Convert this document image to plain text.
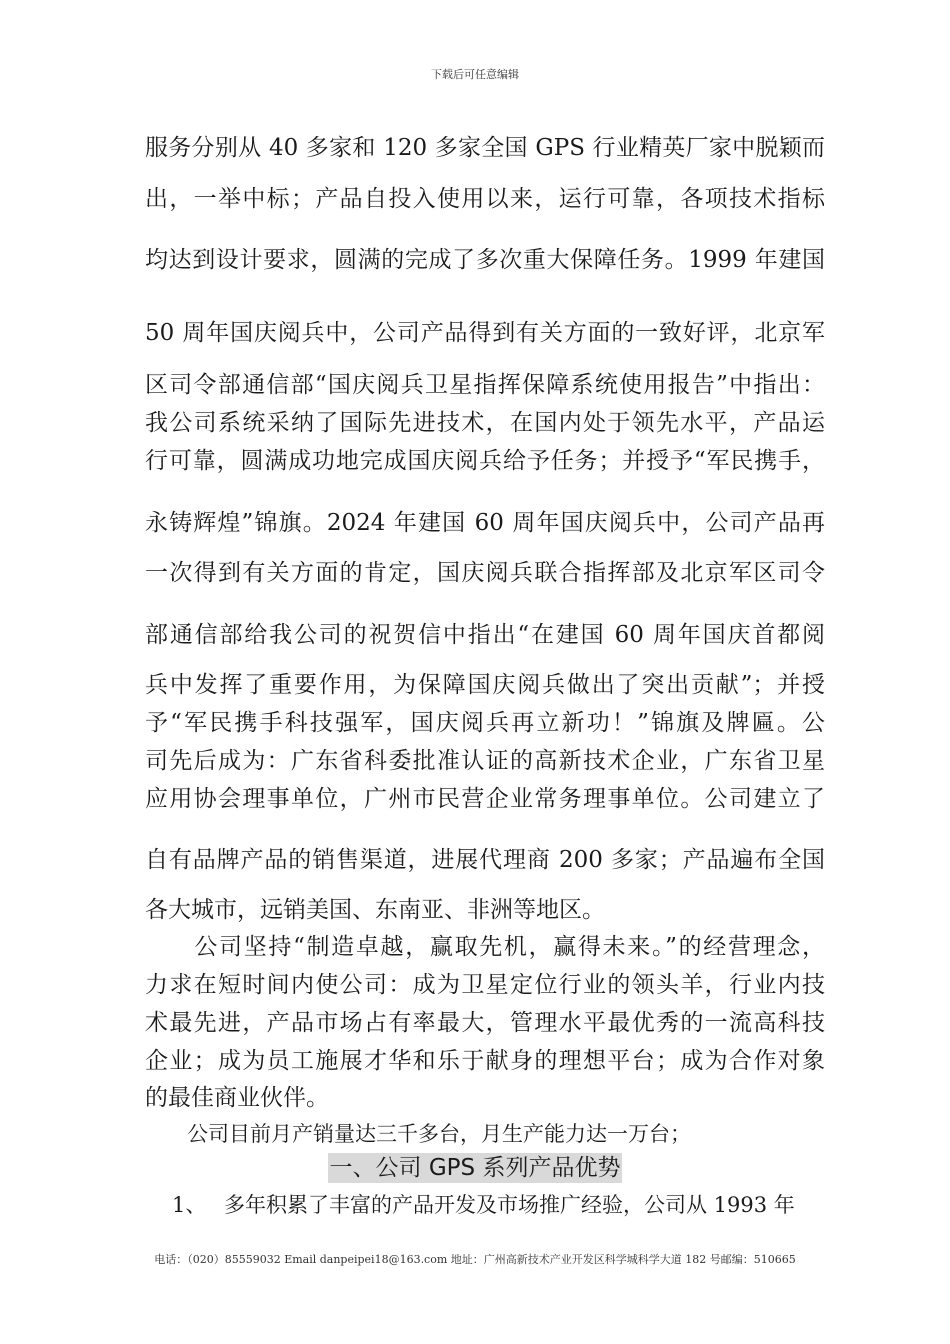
下载后可任意编辑
服务分别从 40 多家和 120 多家全国 GPS 行业精英厂家中脱颖而
出，一举中标；产品自投入使用以来，运行可靠，各项技术指标
均达到设计要求，圆满的完成了多次重大保障任务。1999 年建国
50 周年国庆阅兵中，公司产品得到有关方面的一致好评，北京军
区司令部通信部“国庆阅兵卫星指挥保障系统使用报告”中指出：
我公司系统采纳了国际先进技术，在国内处于领先水平，产品运
行可靠，圆满成功地完成国庆阅兵给予任务；并授予“军民携手，
永铸辉煌”锦旗。2024 年建国 60 周年国庆阅兵中，公司产品再
一次得到有关方面的肯定，国庆阅兵联合指挥部及北京军区司令
部通信部给我公司的祝贺信中指出“在建国 60 周年国庆首都阅
兵中发挥了重要作用，为保障国庆阅兵做出了突出贡献”；并授
予“军民携手科技强军，国庆阅兵再立新功！”锦旗及牌匾。公
司先后成为：广东省科委批准认证的高新技术企业，广东省卫星
应用协会理事单位，广州市民营企业常务理事单位。公司建立了
自有品牌产品的销售渠道，进展代理商 200 多家；产品遍布全国
各大城市，远销美国、东南亚、非洲等地区。
　　公司坚持“制造卓越，赢取先机，赢得未来。”的经营理念，
力求在短时间内使公司：成为卫星定位行业的领头羊，行业内技
术最先进，产品市场占有率最大，管理水平最优秀的一流高科技
企业；成为员工施展才华和乐于献身的理想平台；成为合作对象
的最佳商业伙伴。
　　公司目前月产销量达三千多台，月生产能力达一万台；
一、公司 GPS 系列产品优势
1、 多年积累了丰富的产品开发及市场推广经验，公司从 1993 年
电话：（020）85559032 Email danpeipei18@163.com 地址：广州高新技术产业开发区科学城科学大道 182 号邮编：510665
